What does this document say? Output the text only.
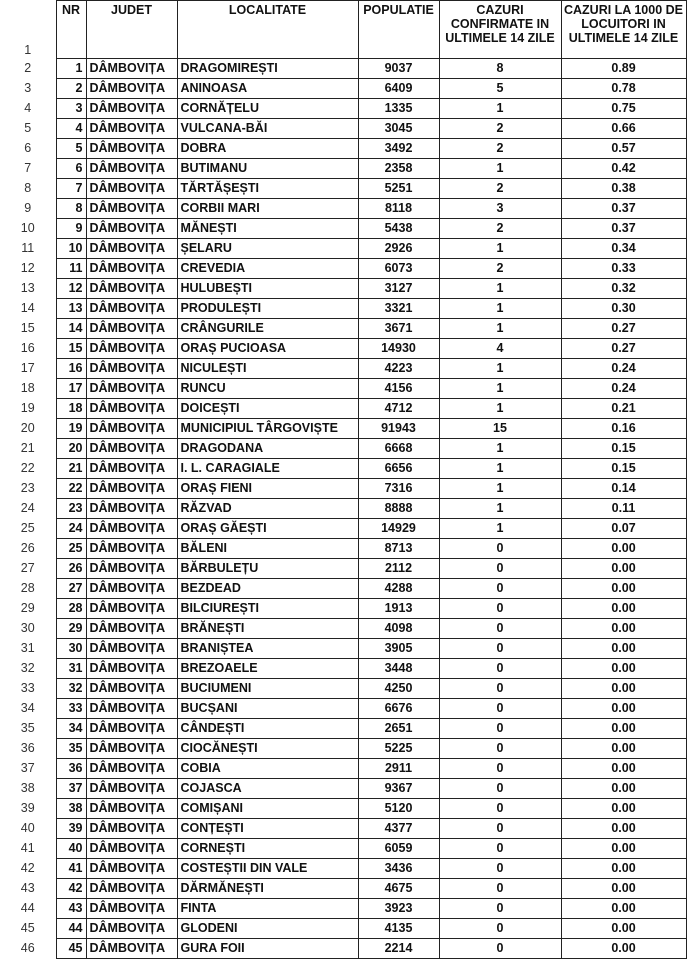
1	NR	JUDET	LOCALITATE	POPULATIE	CAZURI CONFIRMATE IN ULTIMELE 14 ZILE	CAZURI LA 1000 DE LOCUITORI IN ULTIMELE 14 ZILE
2	1	DÂMBOVIȚA	DRAGOMIREȘTI	9037	8	0.89
3	2	DÂMBOVIȚA	ANINOASA	6409	5	0.78
4	3	DÂMBOVIȚA	CORNĂȚELU	1335	1	0.75
5	4	DÂMBOVIȚA	VULCANA-BĂI	3045	2	0.66
6	5	DÂMBOVIȚA	DOBRA	3492	2	0.57
7	6	DÂMBOVIȚA	BUTIMANU	2358	1	0.42
8	7	DÂMBOVIȚA	TĂRTĂȘEȘTI	5251	2	0.38
9	8	DÂMBOVIȚA	CORBII MARI	8118	3	0.37
10	9	DÂMBOVIȚA	MĂNEȘTI	5438	2	0.37
11	10	DÂMBOVIȚA	ȘELARU	2926	1	0.34
12	11	DÂMBOVIȚA	CREVEDIA	6073	2	0.33
13	12	DÂMBOVIȚA	HULUBEȘTI	3127	1	0.32
14	13	DÂMBOVIȚA	PRODULEȘTI	3321	1	0.30
15	14	DÂMBOVIȚA	CRÂNGURILE	3671	1	0.27
16	15	DÂMBOVIȚA	ORAȘ PUCIOASA	14930	4	0.27
17	16	DÂMBOVIȚA	NICULEȘTI	4223	1	0.24
18	17	DÂMBOVIȚA	RUNCU	4156	1	0.24
19	18	DÂMBOVIȚA	DOICEȘTI	4712	1	0.21
20	19	DÂMBOVIȚA	MUNICIPIUL TÂRGOVIȘTE	91943	15	0.16
21	20	DÂMBOVIȚA	DRAGODANA	6668	1	0.15
22	21	DÂMBOVIȚA	I. L. CARAGIALE	6656	1	0.15
23	22	DÂMBOVIȚA	ORAȘ FIENI	7316	1	0.14
24	23	DÂMBOVIȚA	RĂZVAD	8888	1	0.11
25	24	DÂMBOVIȚA	ORAȘ GĂEȘTI	14929	1	0.07
26	25	DÂMBOVIȚA	BĂLENI	8713	0	0.00
27	26	DÂMBOVIȚA	BĂRBULEȚU	2112	0	0.00
28	27	DÂMBOVIȚA	BEZDEAD	4288	0	0.00
29	28	DÂMBOVIȚA	BILCIUREȘTI	1913	0	0.00
30	29	DÂMBOVIȚA	BRĂNEȘTI	4098	0	0.00
31	30	DÂMBOVIȚA	BRANIȘTEA	3905	0	0.00
32	31	DÂMBOVIȚA	BREZOAELE	3448	0	0.00
33	32	DÂMBOVIȚA	BUCIUMENI	4250	0	0.00
34	33	DÂMBOVIȚA	BUCȘANI	6676	0	0.00
35	34	DÂMBOVIȚA	CÂNDEȘTI	2651	0	0.00
36	35	DÂMBOVIȚA	CIOCĂNEȘTI	5225	0	0.00
37	36	DÂMBOVIȚA	COBIA	2911	0	0.00
38	37	DÂMBOVIȚA	COJASCA	9367	0	0.00
39	38	DÂMBOVIȚA	COMIȘANI	5120	0	0.00
40	39	DÂMBOVIȚA	CONȚEȘTI	4377	0	0.00
41	40	DÂMBOVIȚA	CORNEȘTI	6059	0	0.00
42	41	DÂMBOVIȚA	COSTEȘTII DIN VALE	3436	0	0.00
43	42	DÂMBOVIȚA	DĂRMĂNEȘTI	4675	0	0.00
44	43	DÂMBOVIȚA	FINTA	3923	0	0.00
45	44	DÂMBOVIȚA	GLODENI	4135	0	0.00
46	45	DÂMBOVIȚA	GURA FOII	2214	0	0.00
